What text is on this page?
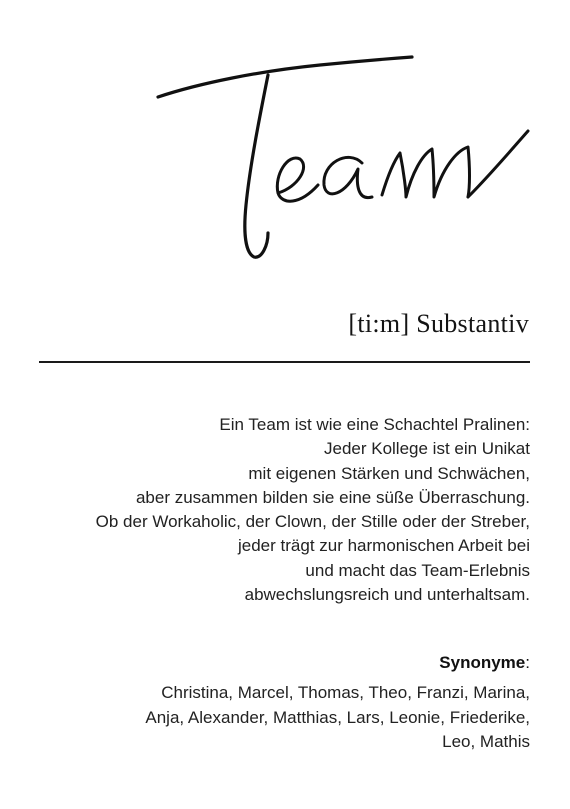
[ti:m] Substantiv
Ein Team ist wie eine Schachtel Pralinen:
Jeder Kollege ist ein Unikat
mit eigenen Stärken und Schwächen,
aber zusammen bilden sie eine süße Überraschung.
Ob der Workaholic, der Clown, der Stille oder der Streber,
jeder trägt zur harmonischen Arbeit bei
und macht das Team-Erlebnis
abwechslungsreich und unterhaltsam.
Synonyme:
Christina, Marcel, Thomas, Theo, Franzi, Marina,
Anja, Alexander, Matthias, Lars, Leonie, Friederike,
Leo, Mathis
